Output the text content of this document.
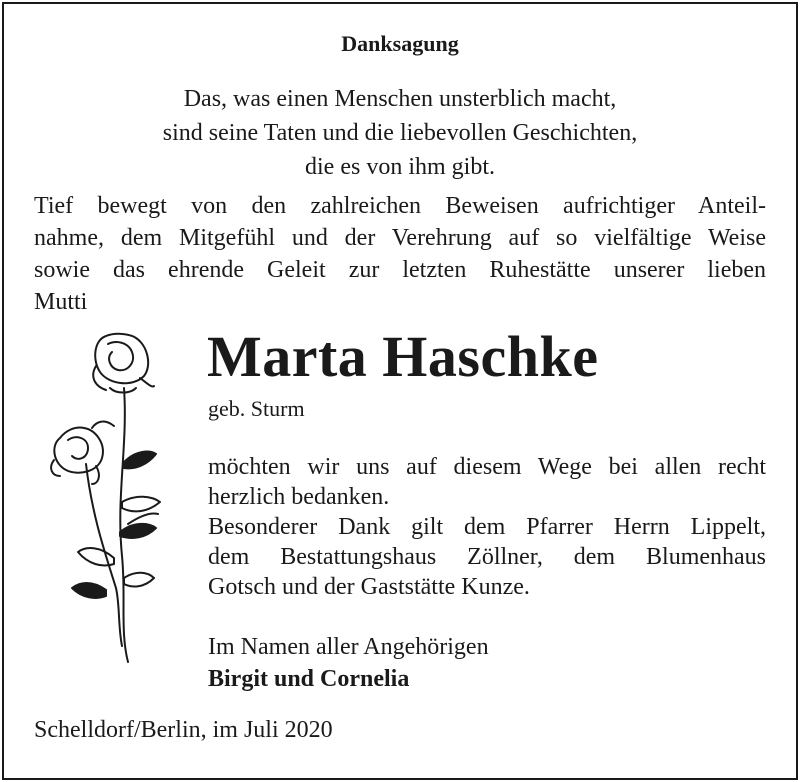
Danksagung
Das, was einen Menschen unsterblich macht,
sind seine Taten und die liebevollen Geschichten,
die es von ihm gibt.
Tief bewegt von den zahlreichen Beweisen aufrichtiger Anteil-
nahme, dem Mitgefühl und der Verehrung auf so vielfältige Weise
sowie das ehrende Geleit zur letzten Ruhestätte unserer lieben
Mutti
Marta Haschke
geb. Sturm
möchten wir uns auf diesem Wege bei allen recht
herzlich bedanken.
Besonderer Dank gilt dem Pfarrer Herrn Lippelt,
dem Bestattungshaus Zöllner, dem Blumenhaus
Gotsch und der Gaststätte Kunze.
Im Namen aller Angehörigen
Birgit und Cornelia
Schelldorf/Berlin, im Juli 2020
